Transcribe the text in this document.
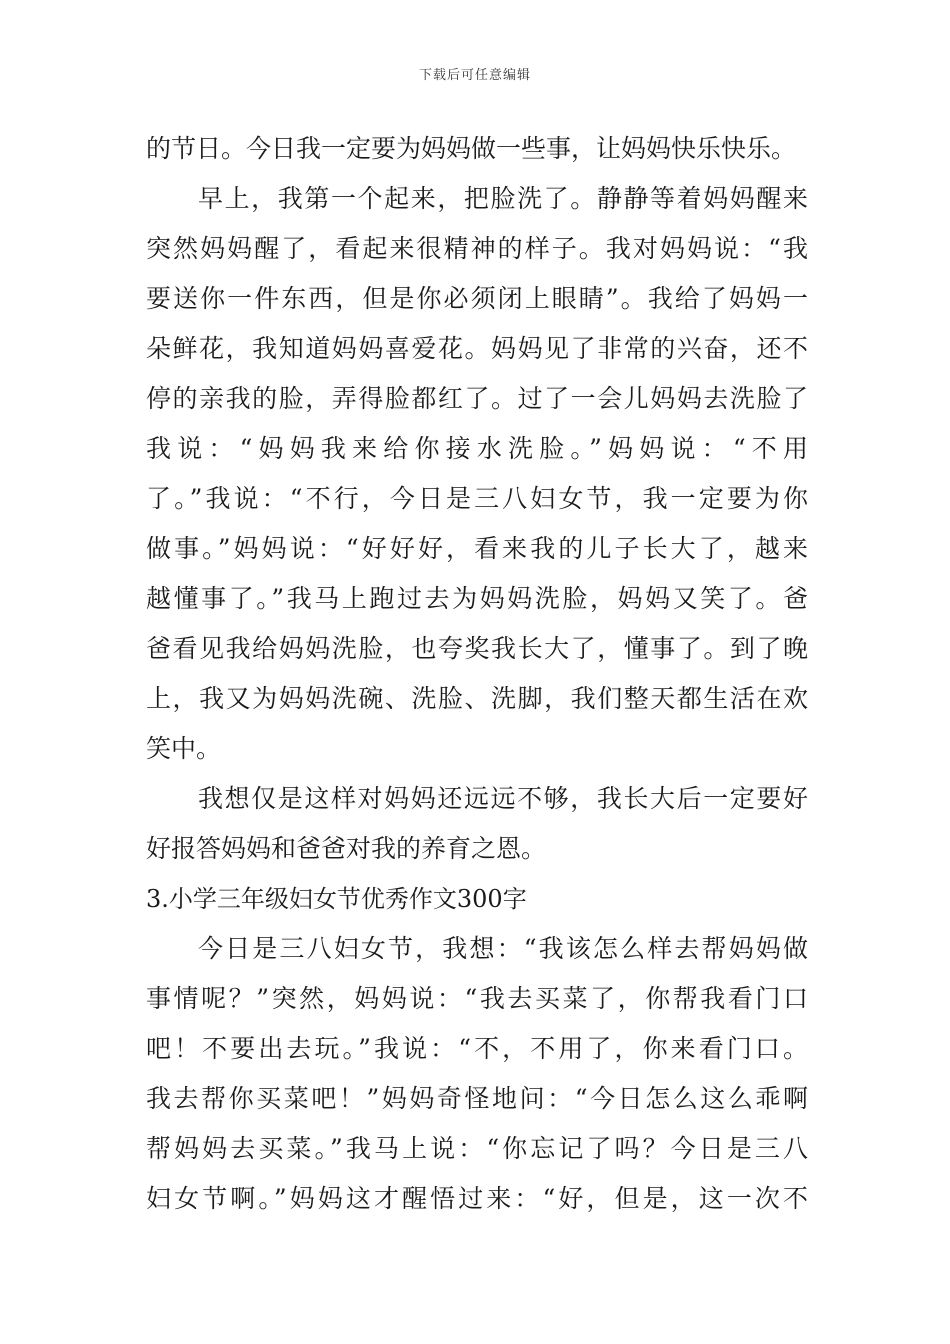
下载后可任意编辑
的节日。今日我一定要为妈妈做一些事，让妈妈快乐快乐。
早上，我第一个起来，把脸洗了。静静等着妈妈醒来
突然妈妈醒了，看起来很精神的样子。我对妈妈说：“我
要送你一件东西，但是你必须闭上眼睛”。我给了妈妈一
朵鲜花，我知道妈妈喜爱花。妈妈见了非常的兴奋，还不
停的亲我的脸，弄得脸都红了。过了一会儿妈妈去洗脸了
我说：“妈妈我来给你接水洗脸。”妈妈说：“不用
了。”我说：“不行，今日是三八妇女节，我一定要为你
做事。”妈妈说：“好好好，看来我的儿子长大了，越来
越懂事了。”我马上跑过去为妈妈洗脸，妈妈又笑了。爸
爸看见我给妈妈洗脸，也夸奖我长大了，懂事了。到了晚
上，我又为妈妈洗碗、洗脸、洗脚，我们整天都生活在欢
笑中。
我想仅是这样对妈妈还远远不够，我长大后一定要好
好报答妈妈和爸爸对我的养育之恩。
3.小学三年级妇女节优秀作文300字
今日是三八妇女节，我想：“我该怎么样去帮妈妈做
事情呢？”突然，妈妈说：“我去买菜了，你帮我看门口
吧！不要出去玩。”我说：“不，不用了，你来看门口。
我去帮你买菜吧！”妈妈奇怪地问：“今日怎么这么乖啊
帮妈妈去买菜。”我马上说：“你忘记了吗？今日是三八
妇女节啊。”妈妈这才醒悟过来：“好，但是，这一次不
